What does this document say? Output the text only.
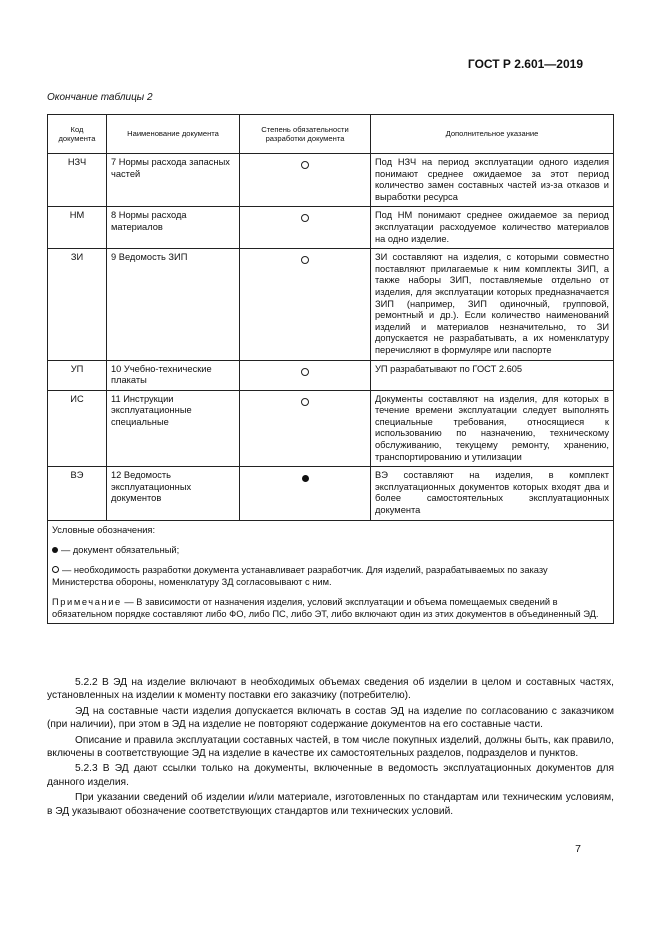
ГОСТ Р 2.601—2019
Окончание таблицы 2
Код документа	Наименование документа	Степень обязательности разработки документа	Дополнительное указание
НЗЧ	7 Нормы расхода запасных частей		Под НЗЧ на период эксплуатации одного изделия понимают среднее ожидаемое за этот период количество замен составных частей из-за отказов и выработки ресурса
НМ	8 Нормы расхода материалов		Под НМ понимают среднее ожидаемое за период эксплуатации расходуемое количество материалов на одно изделие.
ЗИ	9 Ведомость ЗИП		ЗИ составляют на изделия, с которыми совместно поставляют прилагаемые к ним комплекты ЗИП, а также наборы ЗИП, поставляемые отдельно от изделия, для эксплуатации которых предназначается ЗИП (например, ЗИП одиночный, групповой, ремонтный и др.). Если количество наименований изделий и материалов незначительно, то ЗИ допускается не разрабатывать, а их номенклатуру перечисляют в формуляре или паспорте
УП	10 Учебно-технические плакаты		УП разрабатывают по ГОСТ 2.605
ИС	11 Инструкции эксплуатационные специальные		Документы составляют на изделия, для которых в течение времени эксплуатации следует выполнять специальные требования, относящиеся к использованию по назначению, техническому обслуживанию, текущему ремонту, хранению, транспортированию и утилизации
ВЭ	12 Ведомость эксплуатационных документов		ВЭ составляют на изделия, в комплект эксплуатационных документов которых входят два и более самостоятельных эксплуатационных документа

Условные обозначения:

— документ обязательный;

— необходимость разработки документа устанавливает разработчик. Для изделий, разрабатываемых по заказу Министерства обороны, номенклатуру ЗД согласовывают с ним.

Примечание — В зависимости от назначения изделия, условий эксплуатации и объема помещаемых сведений в обязательном порядке составляют либо ФО, либо ПС, либо ЭТ, либо включают один из этих документов в объединенный ЭД.			

5.2.2 В ЭД на изделие включают в необходимых объемах сведения об изделии в целом и составных частях, установленных на изделии к моменту поставки его заказчику (потребителю).

ЭД на составные части изделия допускается включать в состав ЭД на изделие по согласованию с заказчиком (при наличии), при этом в ЭД на изделие не повторяют содержание документов на его составные части.

Описание и правила эксплуатации составных частей, в том числе покупных изделий, должны быть, как правило, включены в соответствующие ЭД на изделие в качестве их самостоятельных разделов, подразделов и пунктов.

5.2.3 В ЭД дают ссылки только на документы, включенные в ведомость эксплуатационных документов для данного изделия.

При указании сведений об изделии и/или материале, изготовленных по стандартам или техническим условиям, в ЭД указывают обозначение соответствующих стандартов или технических условий.

7
